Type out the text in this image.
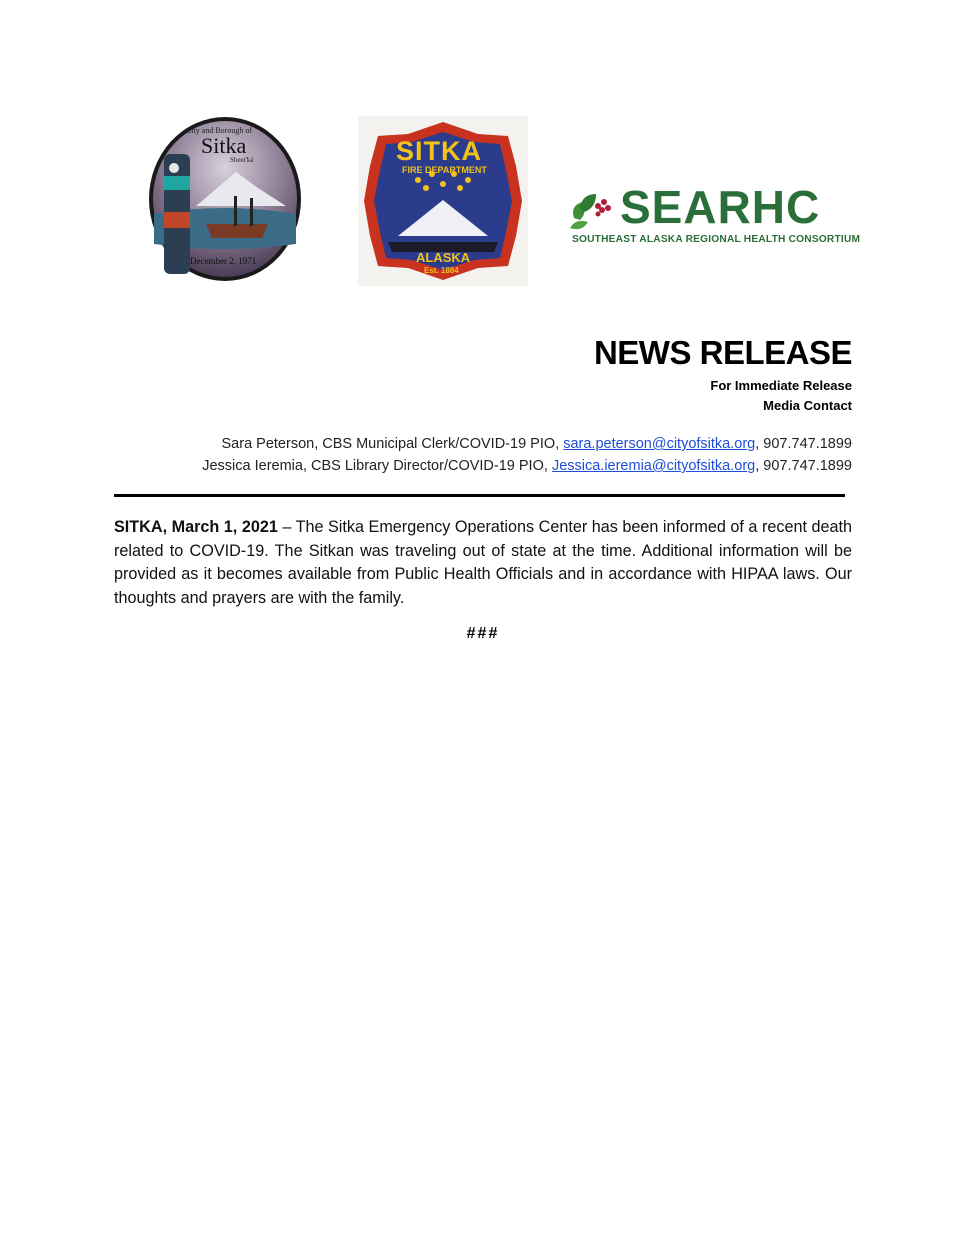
City and Borough of
Sitka
Sheet'ká
December 2, 1971
SITKA
FIRE DEPARTMENT
ALASKA
Est. 1884
SEARHC
SOUTHEAST ALASKA REGIONAL HEALTH CONSORTIUM
NEWS RELEASE
For Immediate Release
Media Contact
Sara Peterson, CBS Municipal Clerk/COVID-19 PIO, sara.peterson@cityofsitka.org, 907.747.1899
Jessica Ieremia, CBS Library Director/COVID-19 PIO, Jessica.ieremia@cityofsitka.org, 907.747.1899
SITKA, March 1, 2021 – The Sitka Emergency Operations Center has been informed of a recent death related to COVID-19. The Sitkan was traveling out of state at the time. Additional information will be provided as it becomes available from Public Health Officials and in accordance with HIPAA laws. Our thoughts and prayers are with the family.
###
